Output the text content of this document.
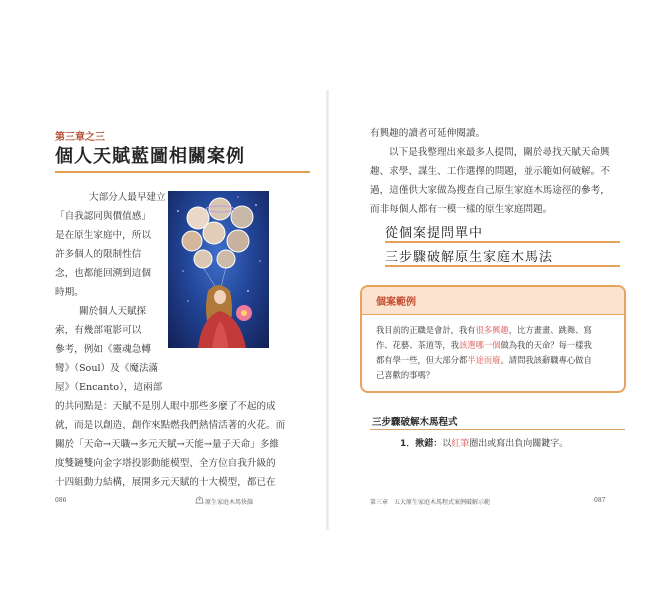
第三章之三
個人天賦藍圖相關案例
大部分人最早建立
「自我認同與價值感」
是在原生家庭中，所以
許多個人的限制性信
念，也都能回溯到這個
時期。
關於個人天賦探
索，有幾部電影可以
參考，例如《靈魂急轉
彎》（Soul）及《魔法滿
屋》（Encanto），這兩部
的共同點是：天賦不是別人眼中那些多麼了不起的成
就，而是以創造、創作來點燃我們熱情活著的火花。而
關於「天命→天職→多元天賦→天能→量子天命」多維
度雙鏈雙向金字塔投影動能模型、全方位自我升級的
十四組動力結構，展開多元天賦的十大模型，都已在
086	原生家庭木馬快篩
有興趣的讀者可延伸閱讀。
以下是我整理出來最多人提問，關於尋找天賦天命興
趣、求學、謀生、工作選擇的問題，並示範如何破解。不
過，這僅供大家做為搜查自己原生家庭木馬途徑的參考，
而非每個人都有一模一樣的原生家庭問題。
從個案提問單中
三步驟破解原生家庭木馬法
個案範例
我目前的正職是會計，我有很多興趣，比方畫畫、跳舞、寫
作、花藝、茶道等，我該選哪一個做為我的天命？每一樣我
都有學一些，但大部分都半途而廢。請問我該辭職專心做自
己喜歡的事嗎？
三步驟破解木馬程式
1．揪錯：以紅筆圈出或寫出負向關鍵字。
第三章　五大原生家庭木馬程式案例破解示範	087
